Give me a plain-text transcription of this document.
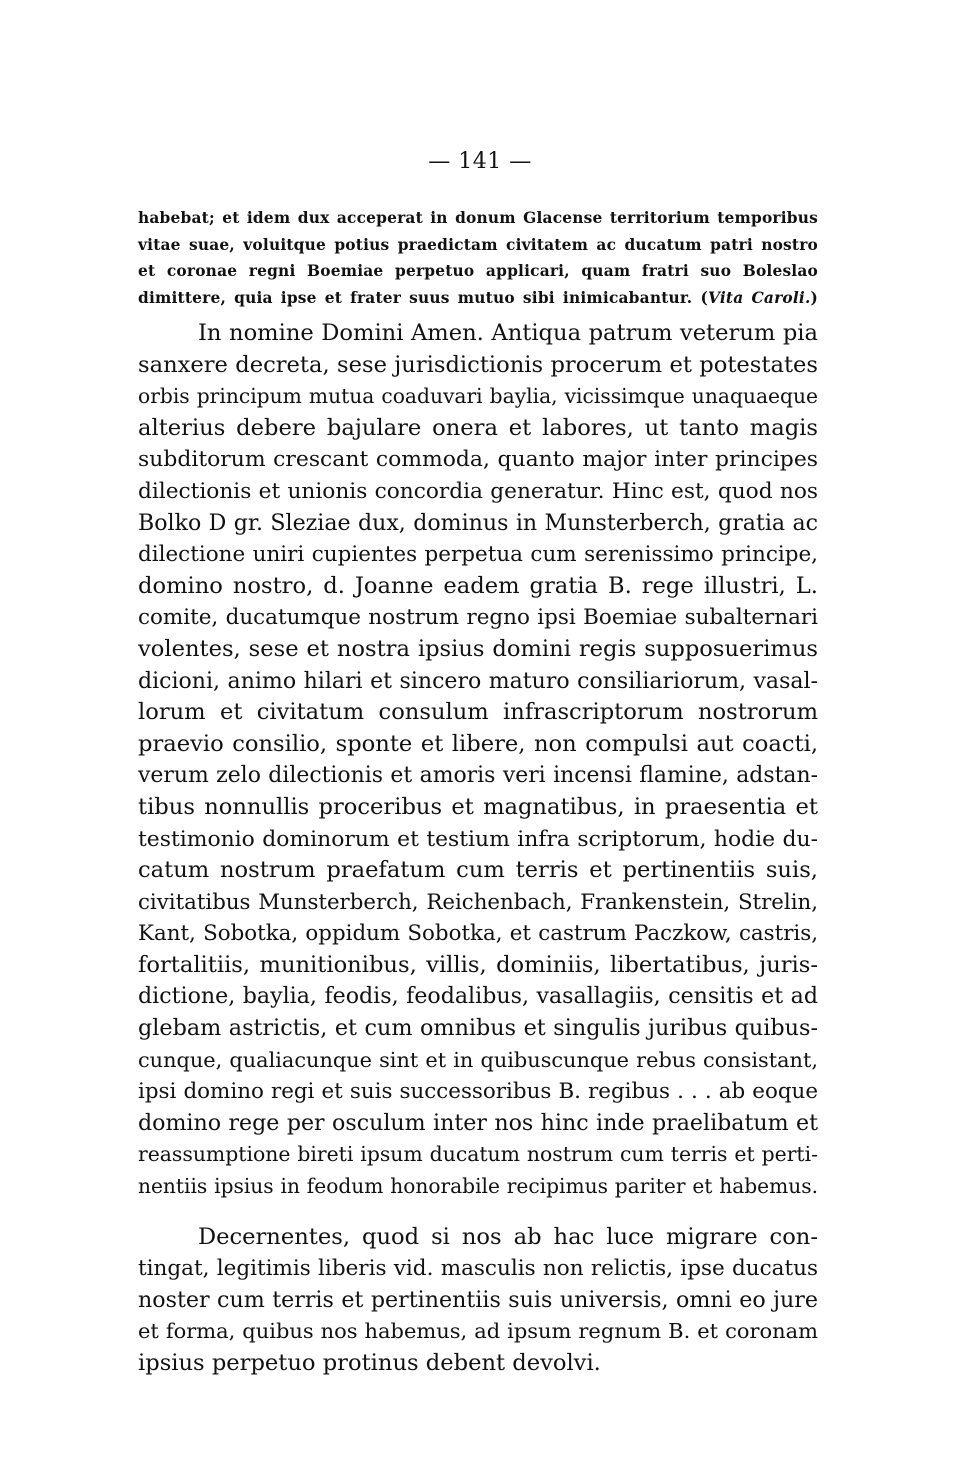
— 141 —
habebat; et idem dux acceperat in donum Glacense territorium temporibus
vitae suae, voluitque potius praedictam civitatem ac ducatum patri nostro
et coronae regni Boemiae perpetuo applicari, quam fratri suo Boleslao
dimittere, quia ipse et frater suus mutuo sibi inimicabantur. (Vita Caroli.)
In nomine Domini Amen. Antiqua patrum veterum pia
sanxere decreta, sese jurisdictionis procerum et potestates
orbis principum mutua coaduvari baylia, vicissimque unaquaeque
alterius debere bajulare onera et labores, ut tanto magis
subditorum crescant commoda, quanto major inter principes
dilectionis et unionis concordia generatur. Hinc est, quod nos
Bolko D gr. Sleziae dux, dominus in Munsterberch, gratia ac
dilectione uniri cupientes perpetua cum serenissimo principe,
domino nostro, d. Joanne eadem gratia B. rege illustri, L.
comite, ducatumque nostrum regno ipsi Boemiae subalternari
volentes, sese et nostra ipsius domini regis supposuerimus
dicioni, animo hilari et sincero maturo consiliariorum, vasal-
lorum et civitatum consulum infrascriptorum nostrorum
praevio consilio, sponte et libere, non compulsi aut coacti,
verum zelo dilectionis et amoris veri incensi flamine, adstan-
tibus nonnullis proceribus et magnatibus, in praesentia et
testimonio dominorum et testium infra scriptorum, hodie du-
catum nostrum praefatum cum terris et pertinentiis suis,
civitatibus Munsterberch, Reichenbach, Frankenstein, Strelin,
Kant, Sobotka, oppidum Sobotka, et castrum Paczkow, castris,
fortalitiis, munitionibus, villis, dominiis, libertatibus, juris-
dictione, baylia, feodis, feodalibus, vasallagiis, censitis et ad
glebam astrictis, et cum omnibus et singulis juribus quibus-
cunque, qualiacunque sint et in quibuscunque rebus consistant,
ipsi domino regi et suis successoribus B. regibus . . . ab eoque
domino rege per osculum inter nos hinc inde praelibatum et
reassumptione bireti ipsum ducatum nostrum cum terris et perti-
nentiis ipsius in feodum honorabile recipimus pariter et habemus.
Decernentes, quod si nos ab hac luce migrare con-
tingat, legitimis liberis vid. masculis non relictis, ipse ducatus
noster cum terris et pertinentiis suis universis, omni eo jure
et forma, quibus nos habemus, ad ipsum regnum B. et coronam
ipsius perpetuo protinus debent devolvi.
